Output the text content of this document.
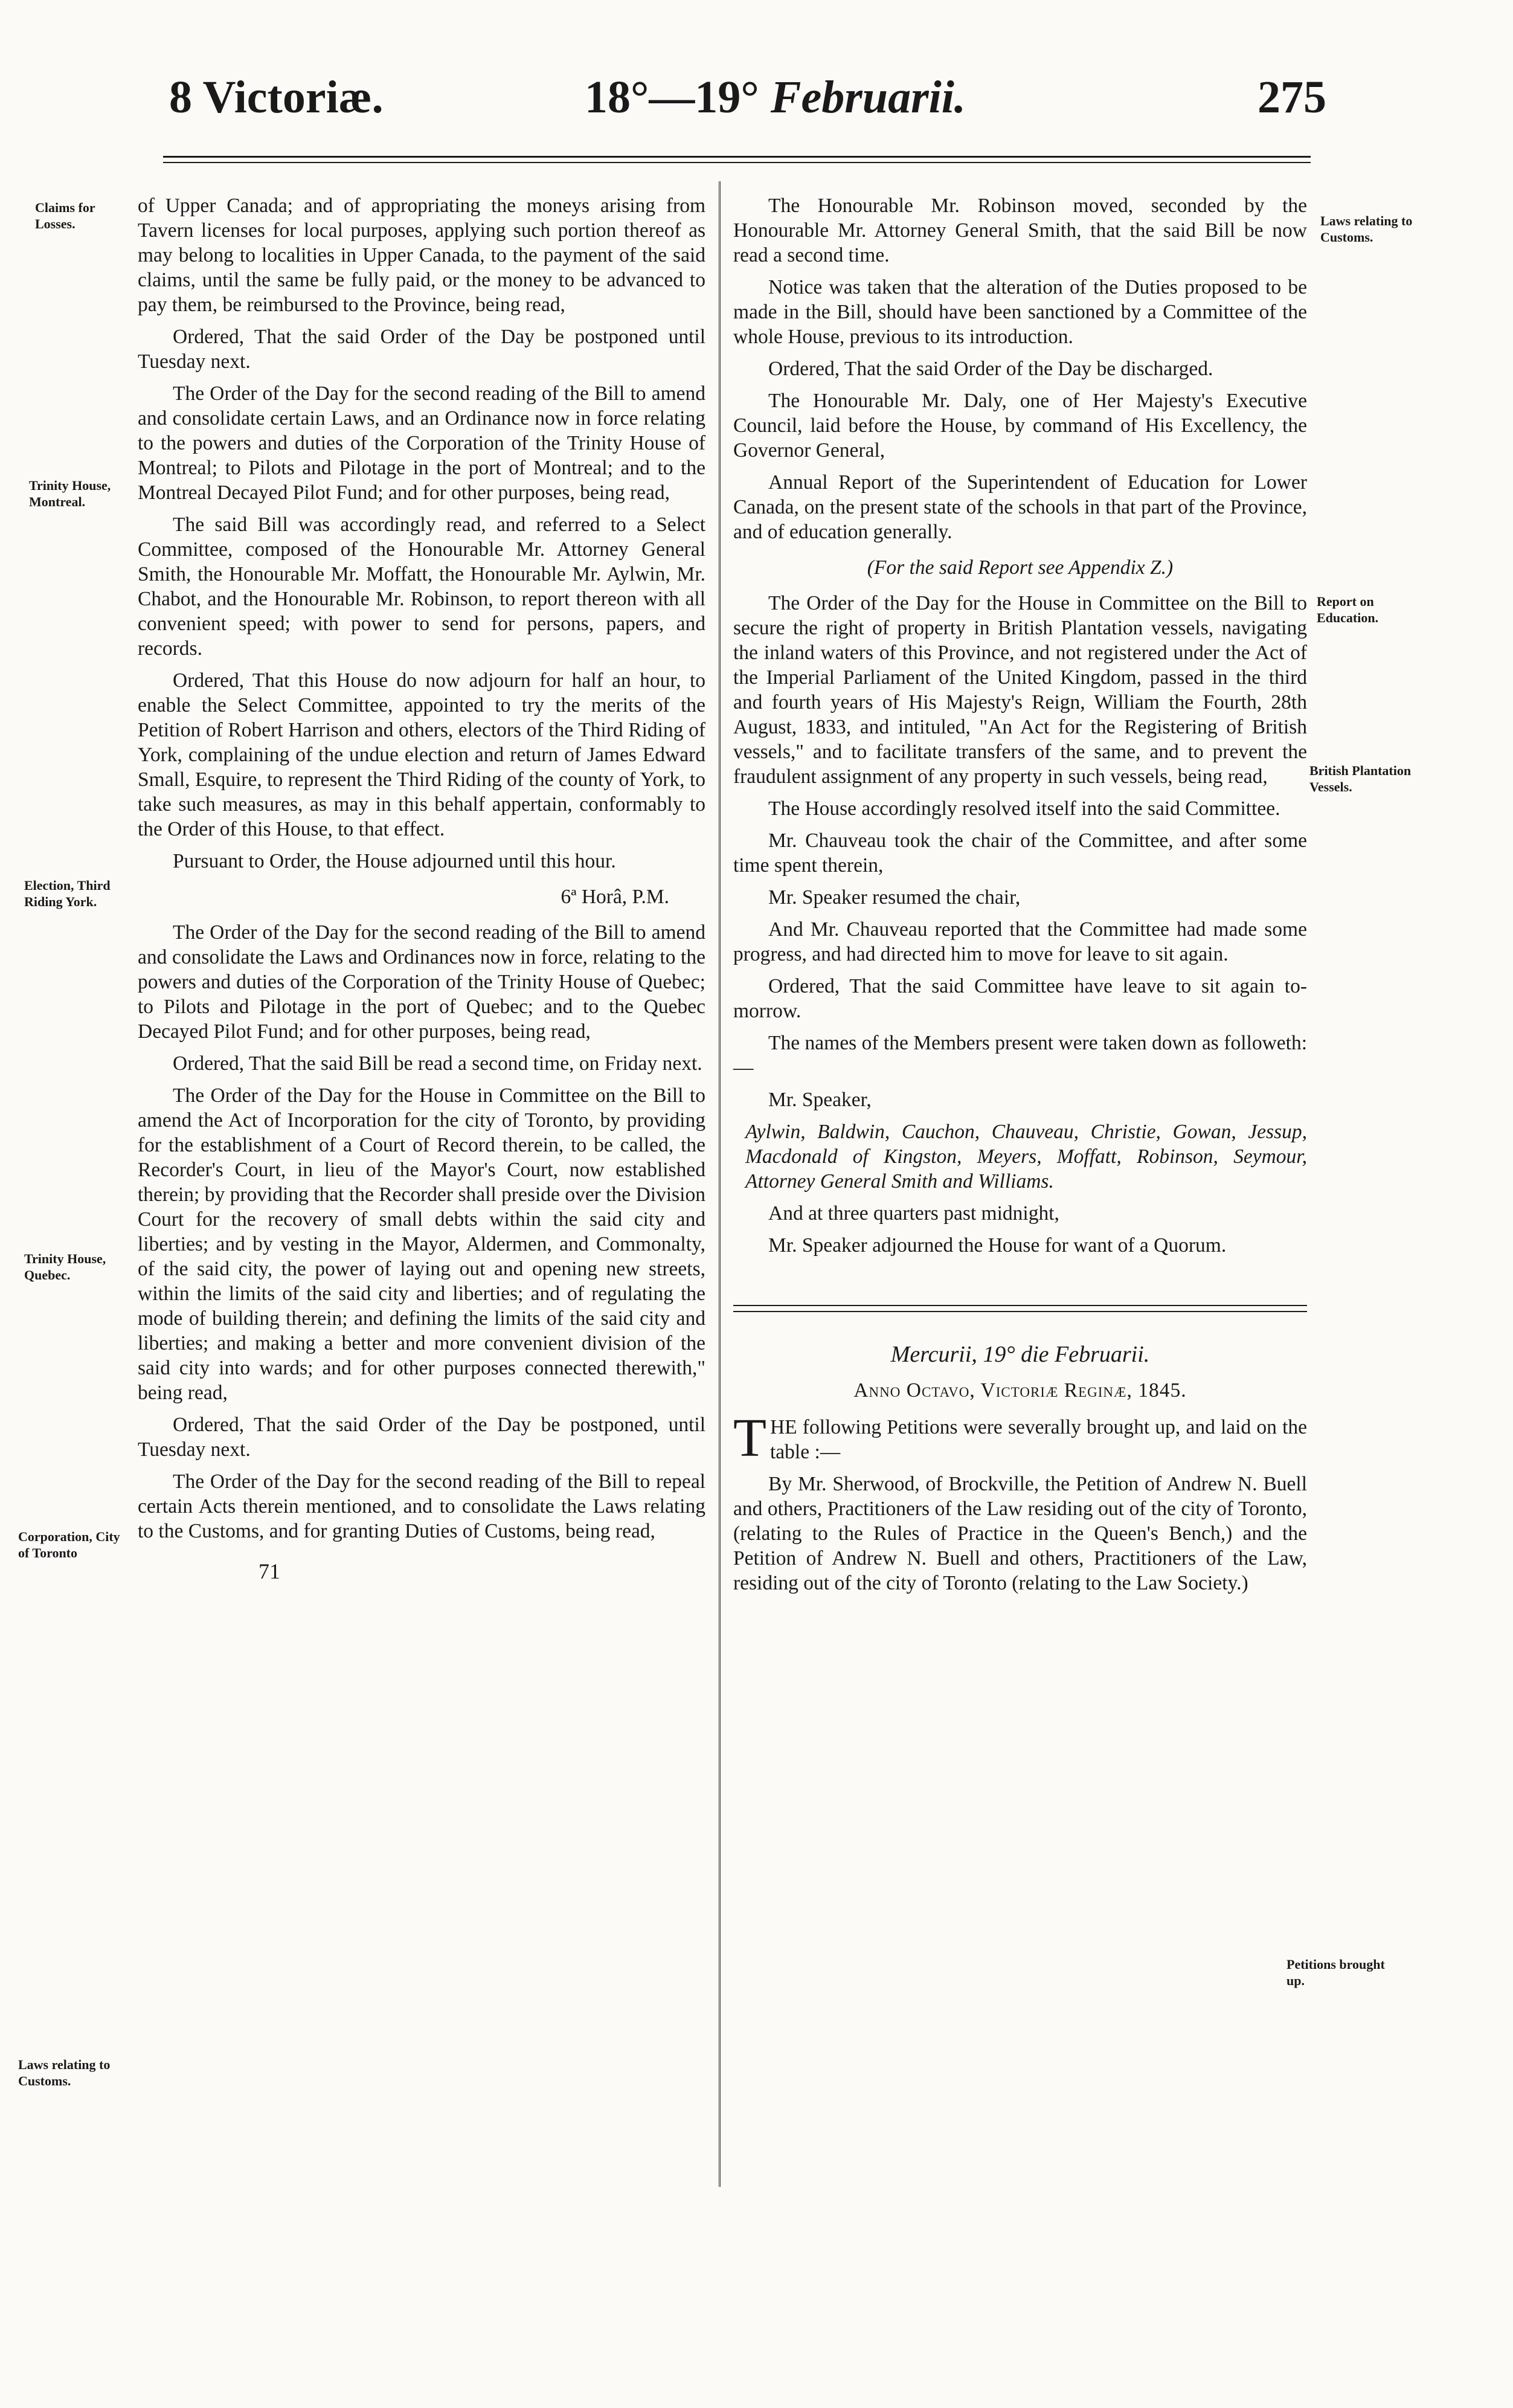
8 Victoriæ.	18°—19° Februarii.	275
Claims for Losses.
Trinity House, Montreal.
Election, Third Riding York.
Trinity House, Quebec.
Corporation, City of Toronto
Laws relating to Customs.
Laws relating to Customs.
Report on Education.
British Plantation Vessels.
Petitions brought up.

of Upper Canada; and of appropriating the moneys arising from Tavern licenses for local purposes, applying such portion thereof as may belong to localities in Upper Canada, to the payment of the said claims, until the same be fully paid, or the money to be advanced to pay them, be reimbursed to the Province, being read,

Ordered, That the said Order of the Day be postponed until Tuesday next.

The Order of the Day for the second reading of the Bill to amend and consolidate certain Laws, and an Ordinance now in force relating to the powers and duties of the Corporation of the Trinity House of Montreal; to Pilots and Pilotage in the port of Montreal; and to the Montreal Decayed Pilot Fund; and for other purposes, being read,

The said Bill was accordingly read, and referred to a Select Committee, composed of the Honourable Mr. Attorney General Smith, the Honourable Mr. Moffatt, the Honourable Mr. Aylwin, Mr. Chabot, and the Honourable Mr. Robinson, to report thereon with all convenient speed; with power to send for persons, papers, and records.

Ordered, That this House do now adjourn for half an hour, to enable the Select Committee, appointed to try the merits of the Petition of Robert Harrison and others, electors of the Third Riding of York, complaining of the undue election and return of James Edward Small, Esquire, to represent the Third Riding of the county of York, to take such measures, as may in this behalf appertain, conformably to the Order of this House, to that effect.

Pursuant to Order, the House adjourned until this hour.

6ª Horâ, P.M.

The Order of the Day for the second reading of the Bill to amend and consolidate the Laws and Ordinances now in force, relating to the powers and duties of the Corporation of the Trinity House of Quebec; to Pilots and Pilotage in the port of Quebec; and to the Quebec Decayed Pilot Fund; and for other purposes, being read,

Ordered, That the said Bill be read a second time, on Friday next.

The Order of the Day for the House in Committee on the Bill to amend the Act of Incorporation for the city of Toronto, by providing for the establishment of a Court of Record therein, to be called, the Recorder's Court, in lieu of the Mayor's Court, now established therein; by providing that the Recorder shall preside over the Division Court for the recovery of small debts within the said city and liberties; and by vesting in the Mayor, Aldermen, and Commonalty, of the said city, the power of laying out and opening new streets, within the limits of the said city and liberties; and of regulating the mode of building therein; and defining the limits of the said city and liberties; and making a better and more convenient division of the said city into wards; and for other purposes connected therewith," being read,

Ordered, That the said Order of the Day be postponed, until Tuesday next.

The Order of the Day for the second reading of the Bill to repeal certain Acts therein mentioned, and to consolidate the Laws relating to the Customs, and for granting Duties of Customs, being read,

71

The Honourable Mr. Robinson moved, seconded by the Honourable Mr. Attorney General Smith, that the said Bill be now read a second time.

Notice was taken that the alteration of the Duties proposed to be made in the Bill, should have been sanctioned by a Committee of the whole House, previous to its introduction.

Ordered, That the said Order of the Day be discharged.

The Honourable Mr. Daly, one of Her Majesty's Executive Council, laid before the House, by command of His Excellency, the Governor General,

Annual Report of the Superintendent of Education for Lower Canada, on the present state of the schools in that part of the Province, and of education generally.

(For the said Report see Appendix Z.)

The Order of the Day for the House in Committee on the Bill to secure the right of property in British Plantation vessels, navigating the inland waters of this Province, and not registered under the Act of the Imperial Parliament of the United Kingdom, passed in the third and fourth years of His Majesty's Reign, William the Fourth, 28th August, 1833, and intituled, "An Act for the Registering of British vessels," and to facilitate transfers of the same, and to prevent the fraudulent assignment of any property in such vessels, being read,

The House accordingly resolved itself into the said Committee.

Mr. Chauveau took the chair of the Committee, and after some time spent therein,

Mr. Speaker resumed the chair,

And Mr. Chauveau reported that the Committee had made some progress, and had directed him to move for leave to sit again.

Ordered, That the said Committee have leave to sit again to-morrow.

The names of the Members present were taken down as followeth:—

Mr. Speaker,

Aylwin, Baldwin, Cauchon, Chauveau, Christie, Gowan, Jessup, Macdonald of Kingston, Meyers, Moffatt, Robinson, Seymour, Attorney General Smith and Williams.

And at three quarters past midnight,

Mr. Speaker adjourned the House for want of a Quorum.

Mercurii, 19° die Februarii.

Anno Octavo, Victoriæ Reginæ, 1845.

T HE following Petitions were severally brought up, and laid on the table :—

By Mr. Sherwood, of Brockville, the Petition of Andrew N. Buell and others, Practitioners of the Law residing out of the city of Toronto, (relating to the Rules of Practice in the Queen's Bench,) and the Petition of Andrew N. Buell and others, Practitioners of the Law, residing out of the city of Toronto (relating to the Law Society.)
